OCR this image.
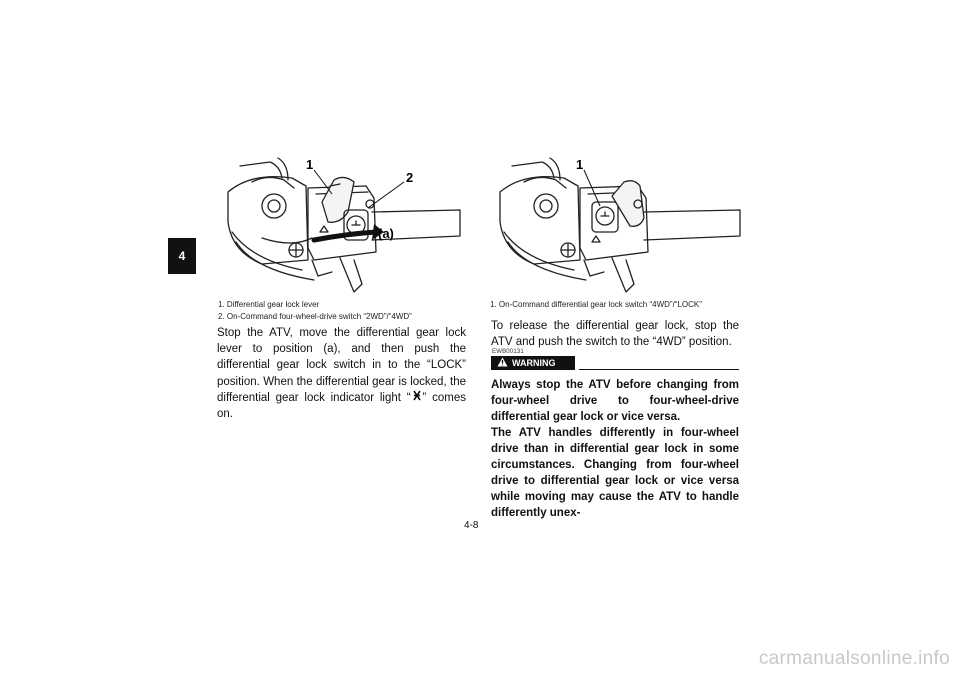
4
1
2
(a)
1
1. Differential gear lock lever
2. On-Command four-wheel-drive switch “2WD”/“4WD”

Stop the ATV, move the differential gear lock lever to position (a), and then push the differential gear lock switch in to the “LOCK” position. When the differential gear is locked, the differential gear lock indicator light “ ” comes on.

1. On-Command differential gear lock switch “4WD”/“LOCK”

To release the differential gear lock, stop the ATV and push the switch to the “4WD” position.

EWB00131
WARNING

Always stop the ATV before changing from four-wheel drive to four-wheel-drive differential gear lock or vice versa.

The ATV handles differently in four-wheel drive than in differential gear lock in some circumstances. Changing from four-wheel drive to differential gear lock or vice versa while moving may cause the ATV to handle differently unex-

4-8
carmanualsonline.info
